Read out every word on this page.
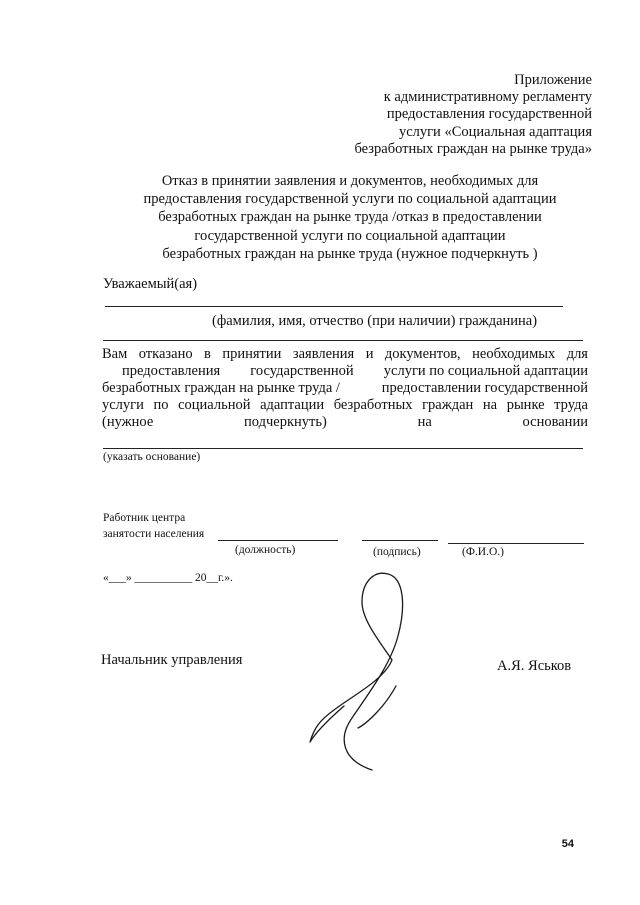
Приложение
к административному регламенту
предоставления государственной
услуги «Социальная адаптация
безработных граждан на рынке труда»
Отказ в принятии заявления и документов, необходимых для
предоставления государственной услуги по социальной адаптации
безработных граждан на рынке труда /отказ в предоставлении
государственной услуги по социальной адаптации
безработных граждан на рынке труда (нужное подчеркнуть )
Уважаемый(ая)
(фамилия, имя, отчество (при наличии) гражданина)
Вам отказано в принятии заявления и документов, необходимых для
предоставления государственной услуги по социальной адаптации
безработных граждан на рынке труда /	предоставлении государственной
услуги по социальной адаптации безработных граждан на рынке труда
(нужное	подчеркнуть)	на	основании
(указать основание)
Работник центра
занятости населения
(должность)	(подпись)	(Ф.И.О.)
«___» __________ 20__г.».
Начальник управления	А.Я. Яськов
54
